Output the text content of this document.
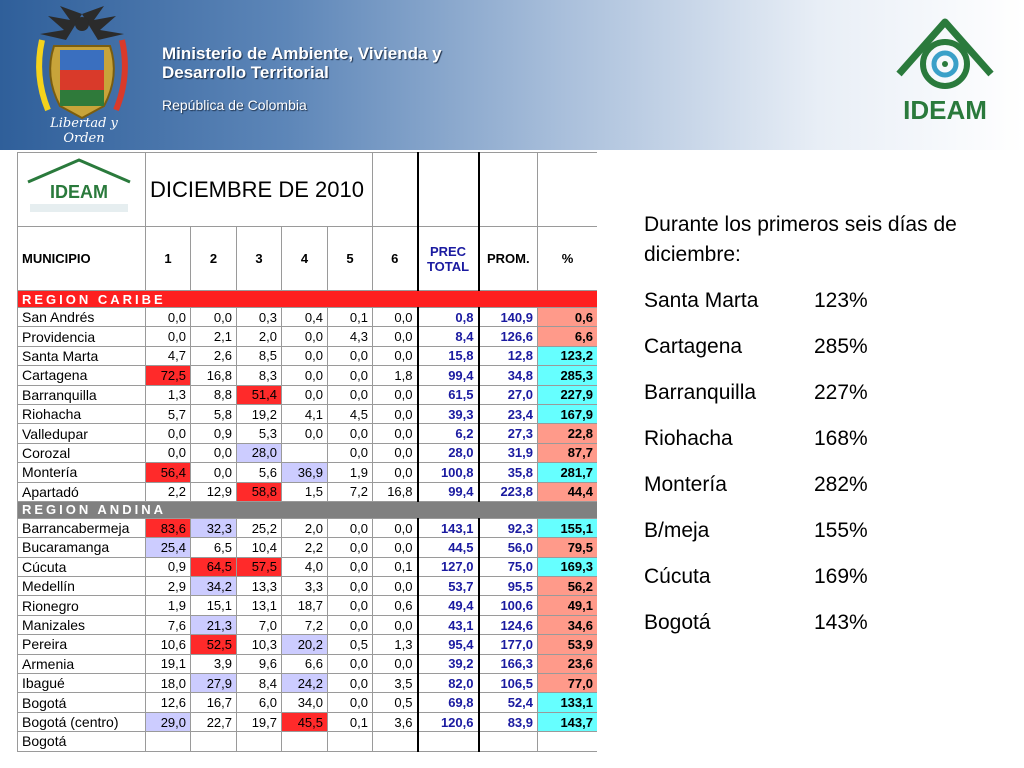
Libertad y Orden
Ministerio de Ambiente, Vivienda y
Desarrollo Territorial
República de Colombia	IDEAM
IDEAM	DICIEMBRE DE 2010								
MUNICIPIO	1	2	3	4	5	6	PREC TOTAL	PROM.	%
REGION CARIBE									
San Andrés	0,0	0,0	0,3	0,4	0,1	0,0	0,8	140,9	0,6
Providencia	0,0	2,1	2,0	0,0	4,3	0,0	8,4	126,6	6,6
Santa Marta	4,7	2,6	8,5	0,0	0,0	0,0	15,8	12,8	123,2
Cartagena	72,5	16,8	8,3	0,0	0,0	1,8	99,4	34,8	285,3
Barranquilla	1,3	8,8	51,4	0,0	0,0	0,0	61,5	27,0	227,9
Riohacha	5,7	5,8	19,2	4,1	4,5	0,0	39,3	23,4	167,9
Valledupar	0,0	0,9	5,3	0,0	0,0	0,0	6,2	27,3	22,8
Corozal	0,0	0,0	28,0		0,0	0,0	28,0	31,9	87,7
Montería	56,4	0,0	5,6	36,9	1,9	0,0	100,8	35,8	281,7
Apartadó	2,2	12,9	58,8	1,5	7,2	16,8	99,4	223,8	44,4
REGION ANDINA									
Barrancabermeja	83,6	32,3	25,2	2,0	0,0	0,0	143,1	92,3	155,1
Bucaramanga	25,4	6,5	10,4	2,2	0,0	0,0	44,5	56,0	79,5
Cúcuta	0,9	64,5	57,5	4,0	0,0	0,1	127,0	75,0	169,3
Medellín	2,9	34,2	13,3	3,3	0,0	0,0	53,7	95,5	56,2
Rionegro	1,9	15,1	13,1	18,7	0,0	0,6	49,4	100,6	49,1
Manizales	7,6	21,3	7,0	7,2	0,0	0,0	43,1	124,6	34,6
Pereira	10,6	52,5	10,3	20,2	0,5	1,3	95,4	177,0	53,9
Armenia	19,1	3,9	9,6	6,6	0,0	0,0	39,2	166,3	23,6
Ibagué	18,0	27,9	8,4	24,2	0,0	3,5	82,0	106,5	77,0
Bogotá	12,6	16,7	6,0	34,0	0,0	0,5	69,8	52,4	133,1
Bogotá (centro)	29,0	22,7	19,7	45,5	0,1	3,6	120,6	83,9	143,7
Bogotá									
Durante los primeros seis días de diciembre:
Santa Marta	123%
Cartagena	285%
Barranquilla	227%
Riohacha	168%
Montería	282%
B/meja	155%
Cúcuta	169%
Bogotá	143%
